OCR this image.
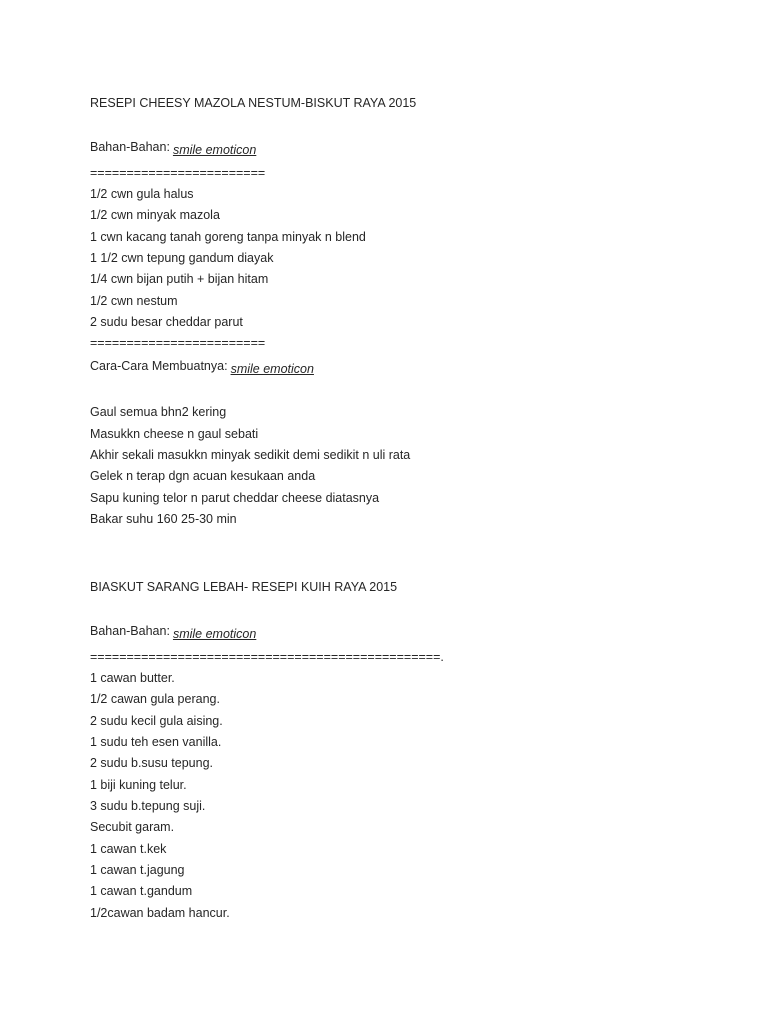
RESEPI CHEESY MAZOLA NESTUM-BISKUT RAYA 2015
Bahan-Bahan: smile emoticon
========================
1/2 cwn gula halus
1/2 cwn minyak mazola
1 cwn kacang tanah goreng tanpa minyak n blend
1 1/2 cwn tepung gandum diayak
1/4 cwn bijan putih + bijan hitam
1/2 cwn nestum
2 sudu besar cheddar parut
========================
Cara-Cara Membuatnya: smile emoticon
Gaul semua bhn2 kering
Masukkn cheese n gaul sebati
Akhir sekali masukkn minyak sedikit demi sedikit n uli rata
Gelek n terap dgn acuan kesukaan anda
Sapu kuning telor n parut cheddar cheese diatasnya
Bakar suhu 160 25-30 min
BIASKUT SARANG LEBAH- RESEPI KUIH RAYA 2015
Bahan-Bahan: smile emoticon
================================================.
1 cawan butter.
1/2 cawan gula perang.
2 sudu kecil gula aising.
1 sudu teh esen vanilla.
2 sudu b.susu tepung.
1 biji kuning telur.
3 sudu b.tepung suji.
Secubit garam.
1 cawan t.kek
1 cawan t.jagung
1 cawan t.gandum
1/2cawan badam hancur.
